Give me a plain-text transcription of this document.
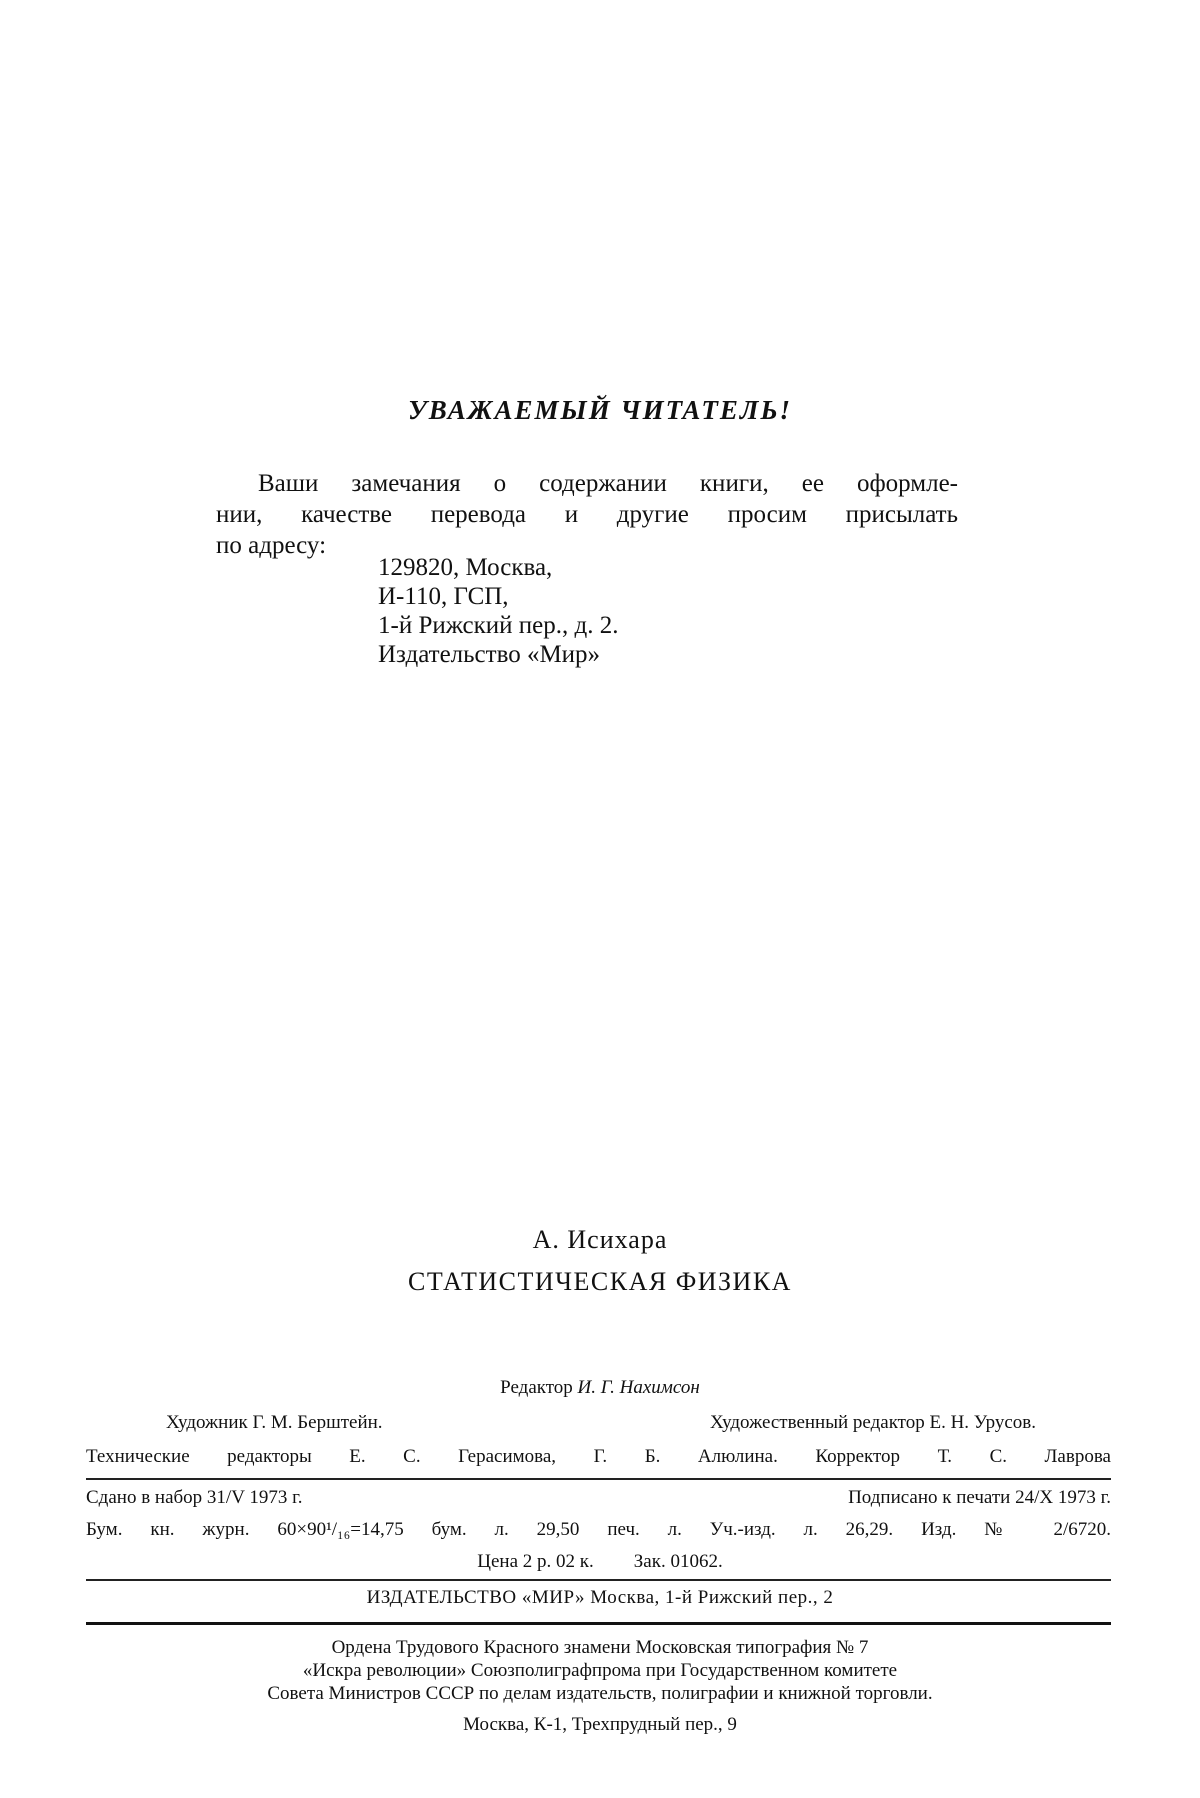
УВАЖАЕМЫЙ ЧИТАТЕЛЬ!
Ваши замечания о содержании книги, ее оформле-
нии, качестве перевода и другие просим присылать
по адресу:
129820, Москва,
И-110, ГСП,
1-й Рижский пер., д. 2.
Издательство «Мир»
А. Исихара
СТАТИСТИЧЕСКАЯ ФИЗИКА
Редактор И. Г. Нахимсон
Художник Г. М. Берштейн.	Художественный редактор Е. Н. Урусов.
Технические редакторы Е. С. Герасимова, Г. Б. Алюлина. Корректор Т. С. Лаврова
Сдано в набор 31/V 1973 г.	Подписано к печати 24/X 1973 г.
Бум. кн. журн. 60×90¹/₁₆=14,75 бум. л. 29,50 печ. л. Уч.-изд. л. 26,29. Изд. № 2/6720.
Цена 2 р. 02 к. Зак. 01062.
ИЗДАТЕЛЬСТВО «МИР» Москва, 1-й Рижский пер., 2
Ордена Трудового Красного знамени Московская типография № 7
«Искра революции» Союзполиграфпрома при Государственном комитете
Совета Министров СССР по делам издательств, полиграфии и книжной торговли.
Москва, К-1, Трехпрудный пер., 9
